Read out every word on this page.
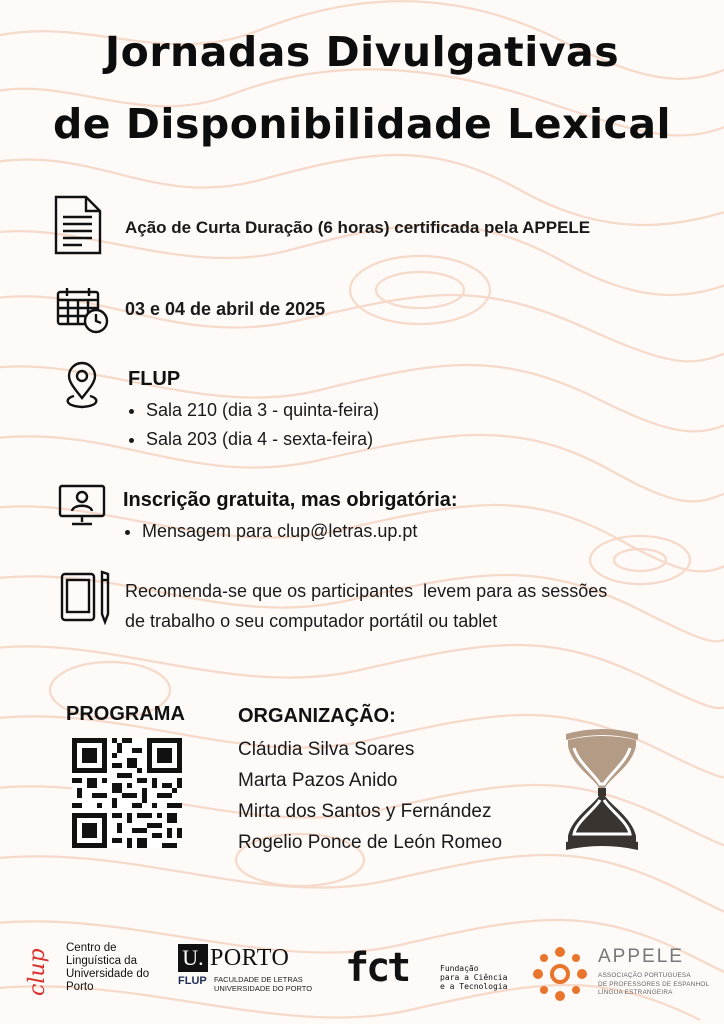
Jornadas Divulgativas
de Disponibilidade Lexical
Ação de Curta Duração (6 horas) certificada pela APPELE
03 e 04 de abril de 2025
FLUP
• Sala 210 (dia 3 - quinta-feira)
• Sala 203 (dia 4 - sexta-feira)
Inscrição gratuita, mas obrigatória:
• Mensagem para clup@letras.up.pt
Recomenda-se que os participantes  levem para as sessões
de trabalho o seu computador portátil ou tablet
PROGRAMA	ORGANIZAÇÃO:
Cláudia Silva Soares
Marta Pazos Anido
Mirta dos Santos y Fernández
Rogelio Ponce de León Romeo
clup
Centro de
Linguística da
Universidade do
Porto
U. PORTO
FLUP FACULDADE DE LETRAS
UNIVERSIDADE DO PORTO fct	Fundação
para a Ciência
e a Tecnologia
APPELE
ASSOCIAÇÃO PORTUGUESA
DE PROFESSORES DE ESPANHOL
LÍNGUA ESTRANGEIRA
